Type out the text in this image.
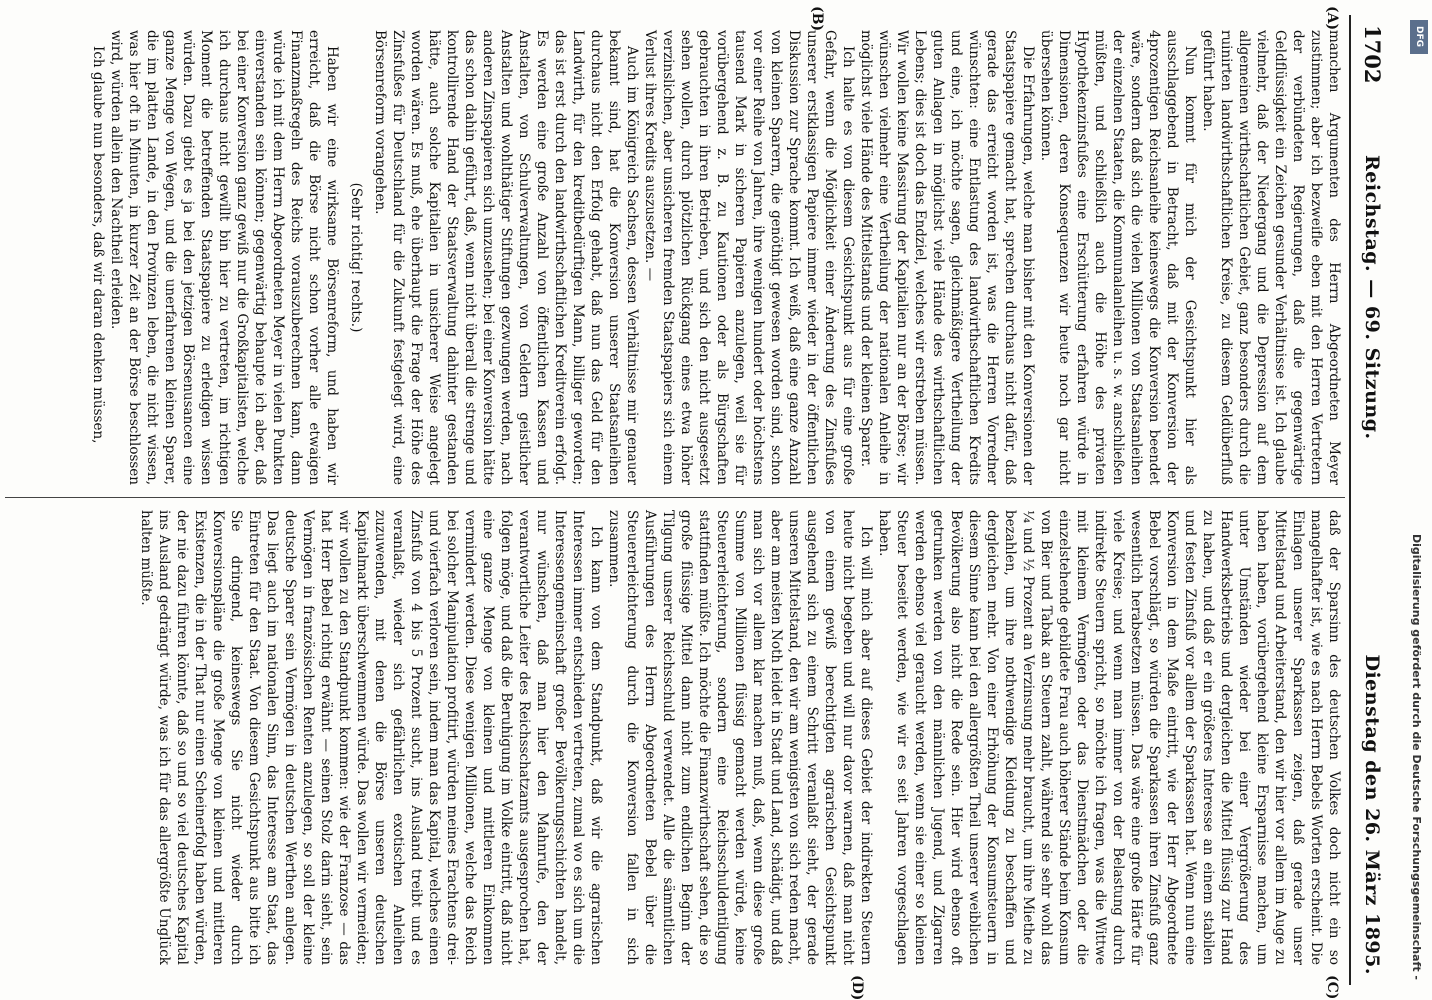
1702
Reichstag. — 69. Sitzung.
Dienstag den 26. März 1895.
(A)
(B)
(C)
(D)

manchen Argumenten des Herrn Abgeordneten Meyer zustimmen; aber ich bezweifle eben mit den Herren Vertretern der verbündeten Regierungen, daß die gegenwärtige Geldflüssigkeit ein Zeichen gesunder Verhältnisse ist. Ich glaube vielmehr, daß der Niedergang und die Depression auf dem allgemeinen wirthschaftlichen Gebiet, ganz besonders durch die ruinirten landwirthschaftlichen Kreise, zu diesem Geldüberfluß geführt haben.

Nun kommt für mich der Gesichtspunkt hier als ausschlaggebend in Betracht, daß mit der Konversion der 4prozentigen Reichsanleihe keineswegs die Konversion beendet wäre, sondern daß sich die vielen Millionen von Staatsanleihen der einzelnen Staaten, die Kommunalanleihen u. s. w. anschließen müßten, und schließlich auch die Höhe des privaten Hypothekenzinsfußes eine Erschütterung erfahren würde in Dimensionen, deren Konsequenzen wir heute noch gar nicht übersehen können.

Die Erfahrungen, welche man bisher mit den Konversionen der Staatspapiere gemacht hat, sprechen durchaus nicht dafür, daß gerade das erreicht worden ist, was die Herren Vorredner wünschten: eine Entlastung des landwirthschaftlichen Kredits und eine, ich möchte sagen, gleichmäßigere Vertheilung der guten Anlagen in möglichst viele Hände des wirthschaftlichen Lebens; dies ist doch das Endziel, welches wir erstreben müssen. Wir wollen keine Massirung der Kapitalien nur an der Börse; wir wünschen vielmehr eine Vertheilung der nationalen Anleihe in möglichst viele Hände des Mittelstands und der kleinen Sparer.

Ich halte es von diesem Gesichtspunkt aus für eine große Gefahr, wenn die Möglichkeit einer Änderung des Zinsfußes unserer erstklassigen Papiere immer wieder in der öffentlichen Diskussion zur Sprache kommt. Ich weiß, daß eine ganze Anzahl von kleinen Sparern, die genöthigt gewesen worden sind, schon vor einer Reihe von Jahren, ihre wenigen hundert oder höchstens tausend Mark in sicheren Papieren anzulegen, weil sie für vorübergehend z. B. zu Kautionen oder als Bürgschaften gebrauchten in ihren Betrieben, und sich den nicht ausgesetzt sehen wollen, durch plötzlichen Rückgang eines etwa höher verzinslichen, aber unsicheren fremden Staatspapiers sich einem Verlust ihres Kredits auszusetzen. —

Auch im Königreich Sachsen, dessen Verhältnisse mir genauer bekannt sind, hat die Konversion unserer Staatsanleihen durchaus nicht den Erfolg gehabt, daß nun das Geld für den Landwirth, für den kreditbedürftigen Mann, billiger geworden; das ist erst durch den landwirthschaftlichen Kreditverein erfolgt. Es werden eine große Anzahl von öffentlichen Kassen und Anstalten, von Schulverwaltungen, von Geldern geistlicher Anstalten und wohlthätiger Stiftungen gezwungen werden, nach anderen Zinspapieren sich umzusehen; bei einer Konversion hätte das schon dahin geführt, daß, wenn nicht überall die strenge und kontrollirende Hand der Staatsverwaltung dahinter gestanden hätte, auch solche Kapitalien in unsicherer Weise angelegt worden wären. Es muß, ehe überhaupt die Frage der Höhe des Zinsfußes für Deutschland für die Zukunft festgelegt wird, eine Börsenreform vorangehen.

(Sehr richtig! rechts.)

Haben wir eine wirksame Börsenreform, und haben wir erreicht, daß die Börse nicht schon vorher alle etwaigen Finanzmaßregeln des Reichs vorauszuberechnen kann, dann würde ich mit dem Herrn Abgeordneten Meyer in vielen Punkten einverstanden sein können; gegenwärtig behaupte ich aber, daß bei einer Konversion ganz gewiß nur die Großkapitalisten, welche ich durchaus nicht gewillt bin hier zu vertreten, im richtigen Moment die betreffenden Staatspapiere zu erledigen wissen würden. Dazu giebt es ja bei den jetzigen Börsenusancen eine ganze Menge von Wegen, und die unerfahrenen kleinen Sparer, die im platten Lande, in den Provinzen leben, die nicht wissen, was hier oft in Minuten, in kurzer Zeit an der Börse beschlossen wird, würden allein den Nachtheil erleiden.

Ich glaube nun besonders, daß wir daran denken müssen,

daß der Sparsinn des deutschen Volkes doch nicht ein so mangelhafter ist, wie es nach Herrn Bebels Worten erscheint. Die Einlagen unserer Sparkassen zeigen, daß gerade unser Mittelstand und Arbeiterstand, den wir hier vor allem im Auge zu haben haben, vorübergehend kleine Ersparnisse machen, um unter Umständen wieder bei einer Vergrößerung des Handwerksbetriebs und dergleichen die Mittel flüssig zur Hand zu haben, und daß er ein größeres Interesse an einem stabilen und festen Zinsfuß vor allem der Sparkassen hat. Wenn nun eine Konversion in dem Maße eintritt, wie der Herr Abgeordnete Bebel vorschlägt, so würden die Sparkassen ihren Zinsfuß ganz wesentlich herabsetzen müssen. Das wäre eine große Härte für viele Kreise; und wenn man immer von der Belastung durch indirekte Steuern spricht, so möchte ich fragen, was die Wittwe mit kleinem Vermögen oder das Dienstmädchen oder die einzelstehende gebildete Frau auch höherer Stände beim Konsum von Bier und Tabak an Steuern zahlt, während sie sehr wohl das ¼ und ½ Prozent an Verzinsung mehr braucht, um ihre Miethe zu bezahlen, um ihre nothwendige Kleidung zu beschaffen und dergleichen mehr. Von einer Erhöhung der Konsumsteuern in diesem Sinne kann bei den allergrößten Theil unserer weiblichen Bevölkerung also nicht die Rede sein. Hier wird ebenso oft getrunken werden von den männlichen Jugend, und Zigarren werden ebenso viel geraucht werden, wenn sie einer so kleinen Steuer beseitet werden, wie wir es seit Jahren vorgeschlagen haben.

Ich will mich aber auf dieses Gebiet der indirekten Steuern heute nicht begeben und will nur davor warnen, daß man nicht von einem gewiß berechtigten agrarischen Gesichtspunkt ausgehend sich zu einem Schritt veranlaßt sieht, der gerade unseren Mittelstand, den wir am wenigsten von sich reden macht, aber am meisten Noth leidet in Stadt und Land, schädigt, und daß man sich vor allem klar machen muß, daß, wenn diese große Summe von Millionen flüssig gemacht werden würde, keine Steuererleichterung, sondern eine Reichsschuldentilgung stattfinden müßte. Ich möchte die Finanzwirthschaft sehen, die so große flüssige Mittel dann nicht zum endlichen Beginn der Tilgung unserer Reichsschuld verwendet. Alle die sämmtlichen Ausführungen des Herrn Abgeordneten Bebel über die Steuererleichterung durch die Konversion fallen in sich zusammen.

Ich kann von dem Standpunkt, daß wir die agrarischen Interessen immer entschieden vertreten, zumal wo es sich um die Interessengemeinschaft großer Bevölkerungsschichten handelt, nur wünschen, daß man hier den Mahnrufe, den der verantwortliche Leiter des Reichsschatzamts ausgesprochen hat, folgen möge, und daß die Beruhigung im Volke eintritt, daß nicht eine ganze Menge von kleinen und mittleren Einkommen vermindert werden. Diese wenigen Millionen, welche das Reich bei solcher Manipulation profitirt, würden meines Erachtens drei- und vierfach verloren sein, indem man das Kapital, welches einen Zinsfuß von 4 bis 5 Prozent sucht, ins Ausland treibt und es veranlaßt, wieder sich gefährlichen exotischen Anleihen zuzuwenden, mit denen die Börse unseren deutschen Kapitalmarkt überschwemmen würde. Das wollen wir vermeiden; wir wollen zu den Standpunkt kommen: wie der Franzose — das hat Herr Bebel richtig erwähnt — seinen Stolz darin sieht, sein Vermögen in französischen Renten anzulegen, so soll der kleine deutsche Sparer sein Vermögen in deutschen Werthen anlegen. Das liegt auch im nationalen Sinn, das Interesse am Staat, das Eintreten für den Staat. Von diesem Gesichtspunkt aus bitte ich Sie dringend, keineswegs Sie nicht wieder durch Konversionspläne die große Menge von kleinen und mittleren Existenzen, die in der That nur einen Scheinerfolg haben würden, der nie dazu führen könnte, daß so und so viel deutsches Kapital ins Ausland gedrängt würde, was ich für das allergrößte Unglück halten müßte.

DFG
Digitalisierung gefördert durch die Deutsche Forschungsgemeinschaft -
